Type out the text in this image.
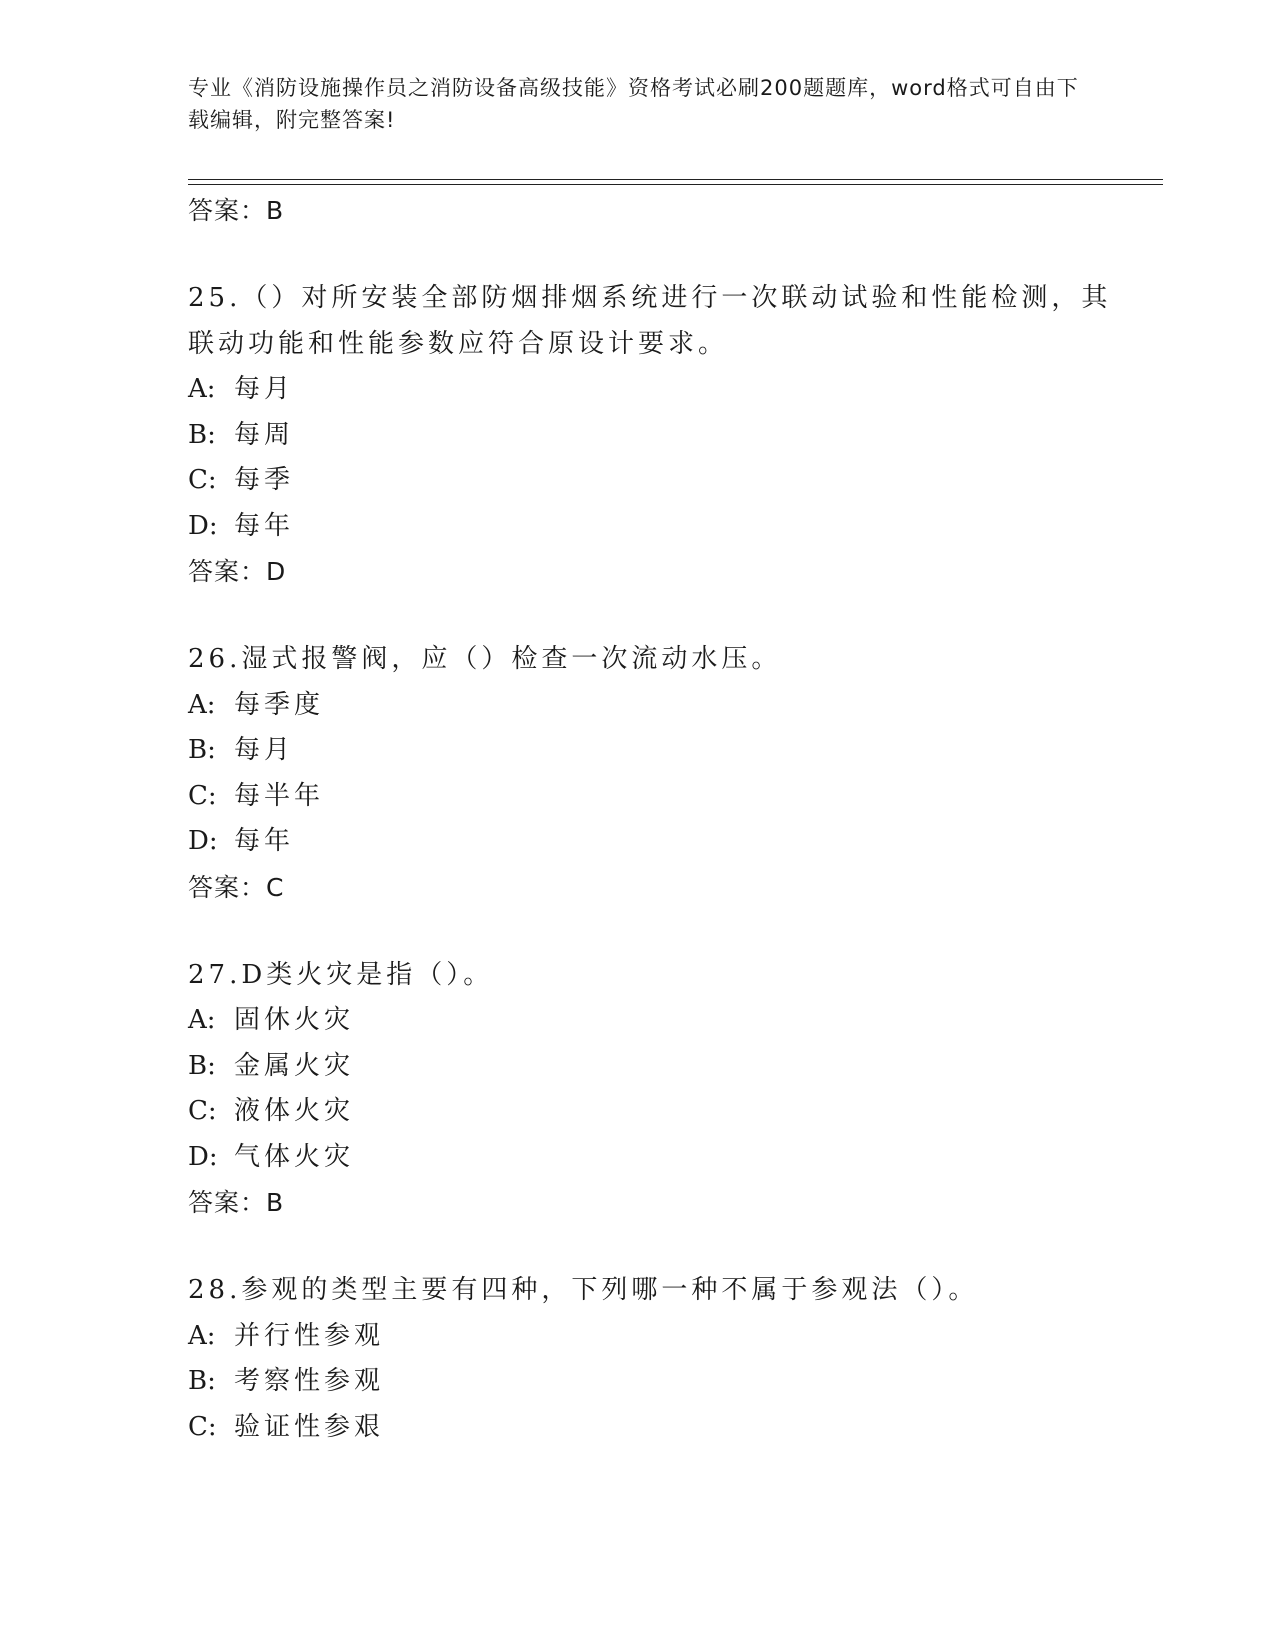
专业《消防设施操作员之消防设备高级技能》资格考试必刷200题题库，word格式可自由下载编辑，附完整答案!
答案：B
25.（）对所安装全部防烟排烟系统进行一次联动试验和性能检测，其联动功能和性能参数应符合原设计要求。
A: 每月
B: 每周
C: 每季
D: 每年
答案：D
26.湿式报警阀，应（）检查一次流动水压。
A: 每季度
B: 每月
C: 每半年
D: 每年
答案：C
27.D类火灾是指（）。
A: 固休火灾
B: 金属火灾
C: 液体火灾
D: 气体火灾
答案：B
28.参观的类型主要有四种，下列哪一种不属于参观法（）。
A: 并行性参观
B: 考察性参观
C: 验证性参艰
